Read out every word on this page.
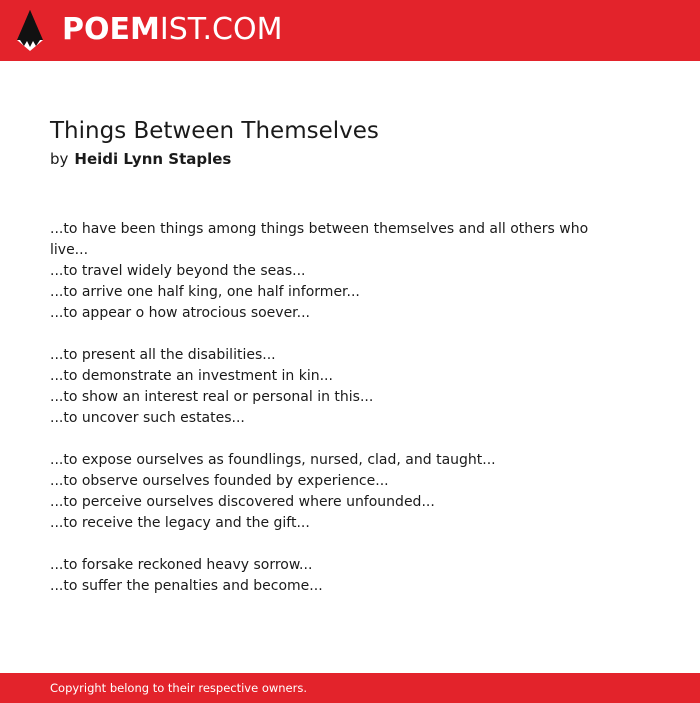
POEMIST.COM
Things Between Themselves
by Heidi Lynn Staples
...to have been things among things between themselves and all others who live...
...to travel widely beyond the seas...
...to arrive one half king, one half informer...
...to appear o how atrocious soever...
...to present all the disabilities...
...to demonstrate an investment in kin...
...to show an interest real or personal in this...
...to uncover such estates...
...to expose ourselves as foundlings, nursed, clad, and taught...
...to observe ourselves founded by experience...
...to perceive ourselves discovered where unfounded...
...to receive the legacy and the gift...
...to forsake reckoned heavy sorrow...
...to suffer the penalties and become...
Copyright belong to their respective owners.
